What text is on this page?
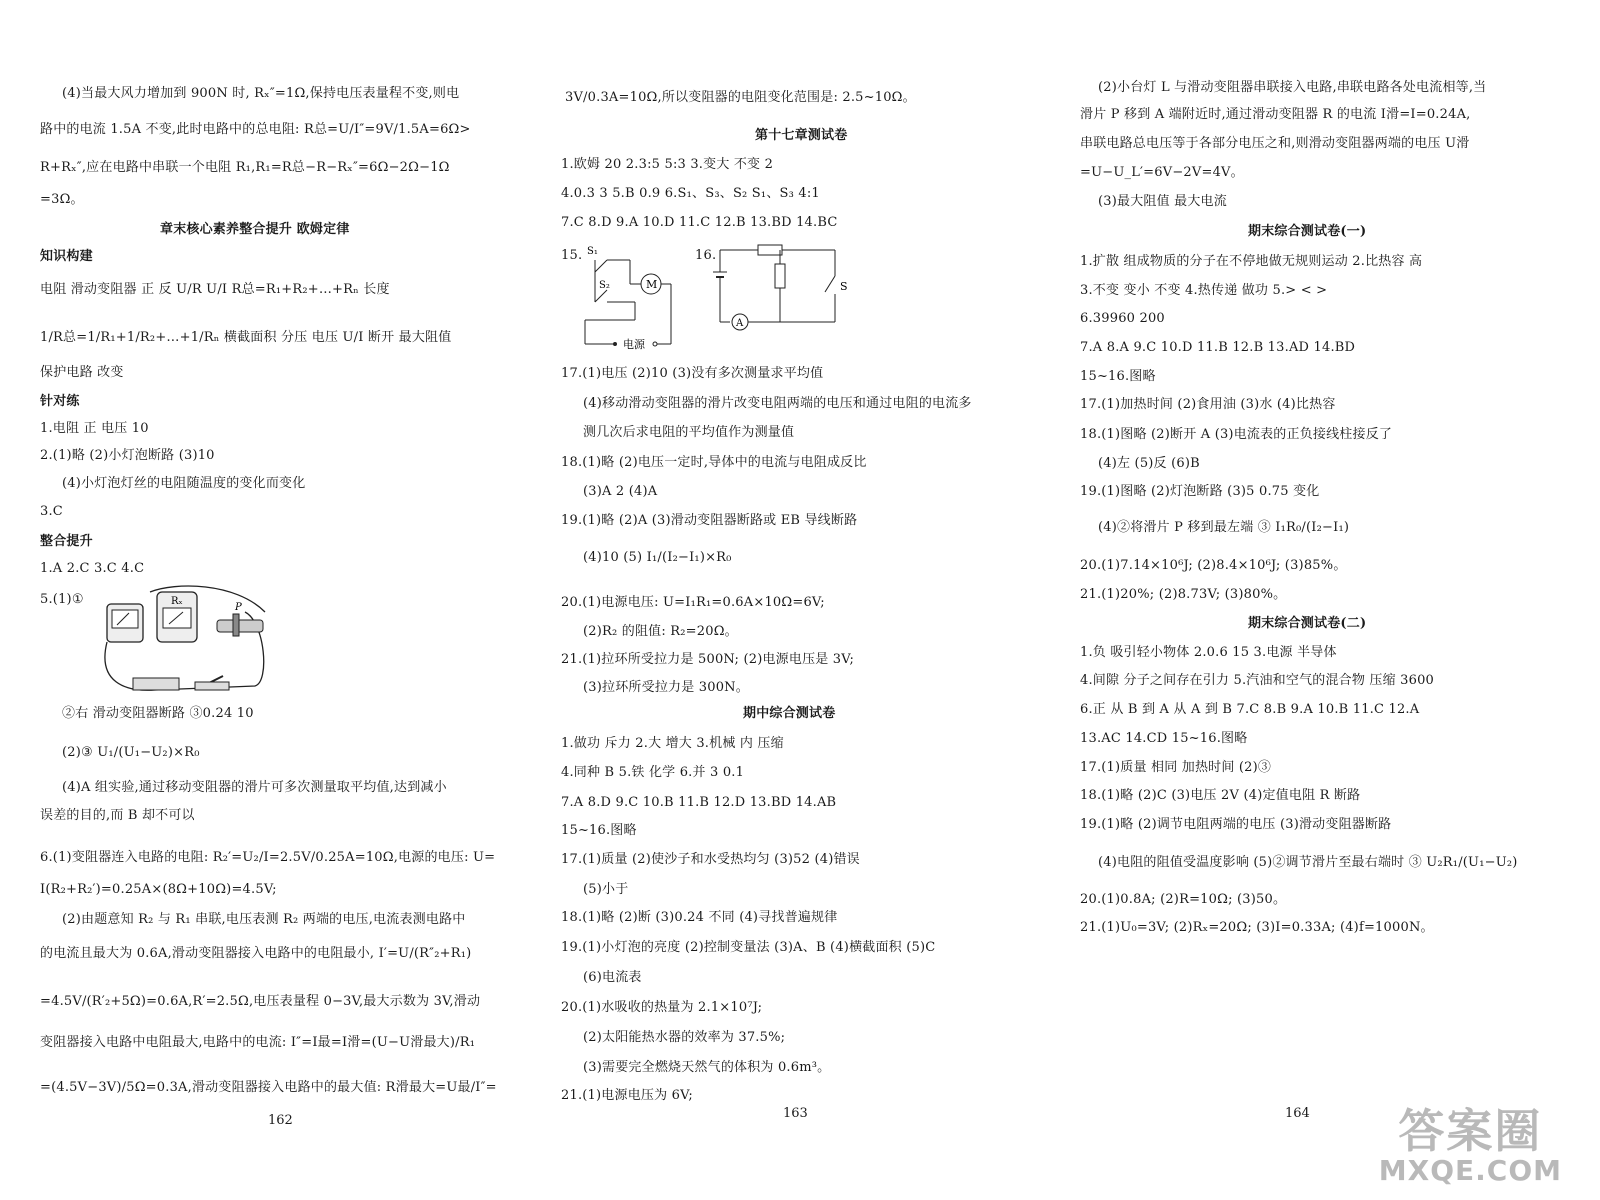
(4)当最大风力增加到 900N 时, Rₓ″=1Ω,保持电压表量程不变,则电
路中的电流 1.5A 不变,此时电路中的总电阻: R总=U/I″=9V/1.5A=6Ω>
R+Rₓ″,应在电路中串联一个电阻 R₁,R₁=R总−R−Rₓ″=6Ω−2Ω−1Ω
=3Ω。
章末核心素养整合提升 欧姆定律
知识构建
电阻 滑动变阻器 正 反 U/R U/I R总=R₁+R₂+…+Rₙ 长度
1/R总=1/R₁+1/R₂+…+1/Rₙ 横截面积 分压 电压 U/I 断开 最大阻值
保护电路 改变
针对练
1.电阻 正 电压 10
2.(1)略 (2)小灯泡断路 (3)10
(4)小灯泡灯丝的电阻随温度的变化而变化
3.C
整合提升
1.A 2.C 3.C 4.C
5.(1)①	Rₓ
P
②右 滑动变阻器断路 ③0.24 10
(2)③ U₁/(U₁−U₂)×R₀
(4)A 组实验,通过移动变阻器的滑片可多次测量取平均值,达到减小
误差的目的,而 B 却不可以
6.(1)变阻器连入电路的电阻: R₂′=U₂/I=2.5V/0.25A=10Ω,电源的电压: U=
I(R₂+R₂′)=0.25A×(8Ω+10Ω)=4.5V;
(2)由题意知 R₂ 与 R₁ 串联,电压表测 R₂ 两端的电压,电流表测电路中
的电流且最大为 0.6A,滑动变阻器接入电路中的电阻最小, I′=U/(R″₂+R₁)
=4.5V/(R′₂+5Ω)=0.6A,R′=2.5Ω,电压表量程 0−3V,最大示数为 3V,滑动
变阻器接入电路中电阻最大,电路中的电流: I″=I最=I滑=(U−U滑最大)/R₁
=(4.5V−3V)/5Ω=0.3A,滑动变阻器接入电路中的最大值: R滑最大=U最/I″=
162
3V/0.3A=10Ω,所以变阻器的电阻变化范围是: 2.5~10Ω。
第十七章测试卷
1.欧姆 20 2.3:5 5:3 3.变大 不变 2
4.0.3 3 5.B 0.9 6.S₁、S₃、S₂ S₁、S₃ 4:1
7.C 8.D 9.A 10.D 11.C 12.B 13.BD 14.BC
15. S₁
S₂	M
电源
16.
A
S
17.(1)电压 (2)10 (3)没有多次测量求平均值
(4)移动滑动变阻器的滑片改变电阻两端的电压和通过电阻的电流多
测几次后求电阻的平均值作为测量值
18.(1)略 (2)电压一定时,导体中的电流与电阻成反比
(3)A 2 (4)A
19.(1)略 (2)A (3)滑动变阻器断路或 EB 导线断路
(4)10 (5) I₁/(I₂−I₁)×R₀
20.(1)电源电压: U=I₁R₁=0.6A×10Ω=6V;
(2)R₂ 的阻值: R₂=20Ω。
21.(1)拉环所受拉力是 500N; (2)电源电压是 3V;
(3)拉环所受拉力是 300N。
期中综合测试卷
1.做功 斥力 2.大 增大 3.机械 内 压缩
4.同种 B 5.铁 化学 6.并 3 0.1
7.A 8.D 9.C 10.B 11.B 12.D 13.BD 14.AB
15~16.图略
17.(1)质量 (2)使沙子和水受热均匀 (3)52 (4)错误
(5)小于
18.(1)略 (2)断 (3)0.24 不同 (4)寻找普遍规律
19.(1)小灯泡的亮度 (2)控制变量法 (3)A、B (4)横截面积 (5)C
(6)电流表
20.(1)水吸收的热量为 2.1×10⁷J;
(2)太阳能热水器的效率为 37.5%;
(3)需要完全燃烧天然气的体积为 0.6m³。
21.(1)电源电压为 6V;
163
(2)小台灯 L 与滑动变阻器串联接入电路,串联电路各处电流相等,当
滑片 P 移到 A 端附近时,通过滑动变阻器 R 的电流 I滑=I=0.24A,
串联电路总电压等于各部分电压之和,则滑动变阻器两端的电压 U滑
=U−U_L′=6V−2V=4V。
(3)最大阻值 最大电流
期末综合测试卷(一)
1.扩散 组成物质的分子在不停地做无规则运动 2.比热容 高
3.不变 变小 不变 4.热传递 做功 5.> < >
6.39960 200
7.A 8.A 9.C 10.D 11.B 12.B 13.AD 14.BD
15~16.图略
17.(1)加热时间 (2)食用油 (3)水 (4)比热容
18.(1)图略 (2)断开 A (3)电流表的正负接线柱接反了
(4)左 (5)反 (6)B
19.(1)图略 (2)灯泡断路 (3)5 0.75 变化
(4)②将滑片 P 移到最左端 ③ I₁R₀/(I₂−I₁)
20.(1)7.14×10⁶J; (2)8.4×10⁶J; (3)85%。
21.(1)20%; (2)8.73V; (3)80%。
期末综合测试卷(二)
1.负 吸引轻小物体 2.0.6 15 3.电源 半导体
4.间隙 分子之间存在引力 5.汽油和空气的混合物 压缩 3600
6.正 从 B 到 A 从 A 到 B 7.C 8.B 9.A 10.B 11.C 12.A
13.AC 14.CD 15~16.图略
17.(1)质量 相同 加热时间 (2)③
18.(1)略 (2)C (3)电压 2V (4)定值电阻 R 断路
19.(1)略 (2)调节电阻两端的电压 (3)滑动变阻器断路
(4)电阻的阻值受温度影响 (5)②调节滑片至最右端时 ③ U₂R₁/(U₁−U₂)
20.(1)0.8A; (2)R=10Ω; (3)50。
21.(1)U₀=3V; (2)Rₓ=20Ω; (3)I=0.33A; (4)f=1000N。
164	答案圈
MXQE.COM
